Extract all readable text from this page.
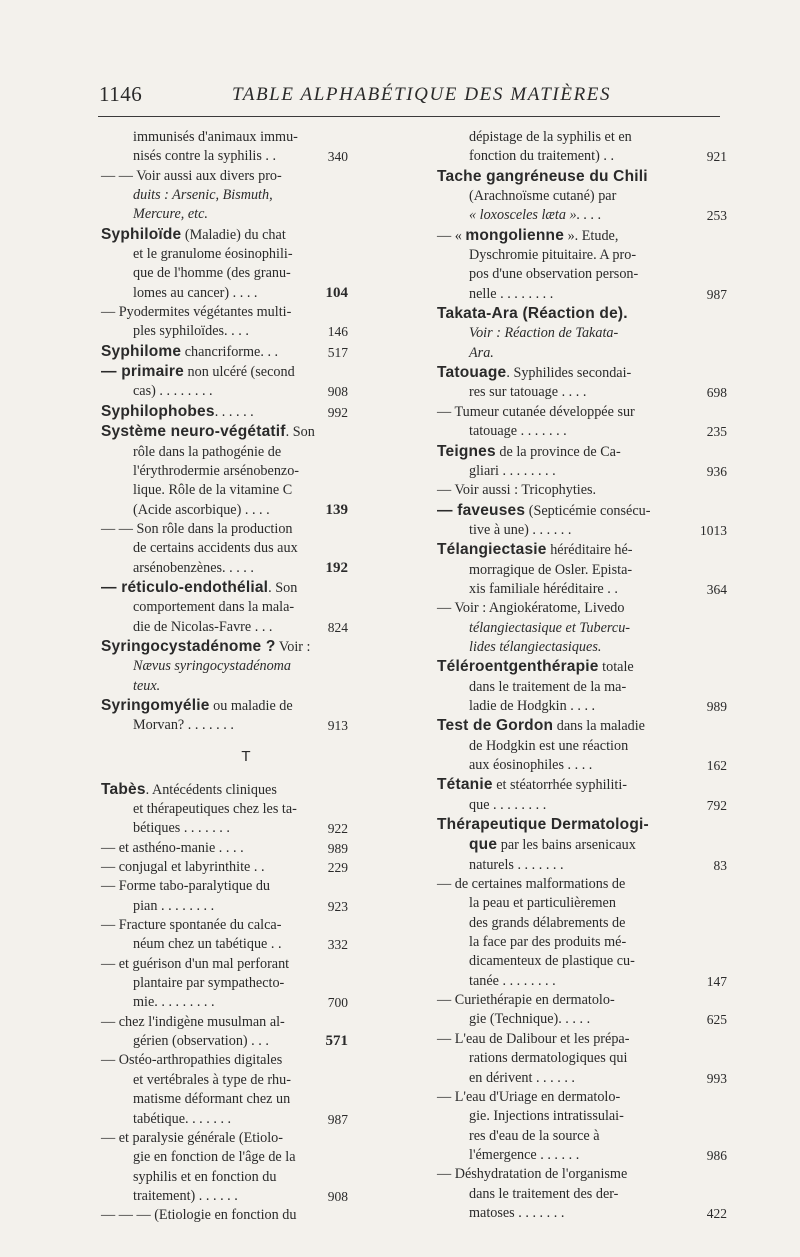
1146	TABLE ALPHABÉTIQUE DES MATIÈRES
immunisés d'animaux immu-
nisés contre la syphilis . .	340
— — Voir aussi aux divers pro-
duits : Arsenic, Bismuth,
Mercure, etc.
Syphiloïde (Maladie) du chat
et le granulome éosinophili-
que de l'homme (des granu-
lomes au cancer) . . . .	104
— Pyodermites végétantes multi-
ples syphiloïdes. . . .	146
Syphilome chancriforme. . .	517
— primaire non ulcéré (second
cas) . . . . . . . .	908
Syphilophobes. . . . . .	992
Système neuro-végétatif. Son
rôle dans la pathogénie de
l'érythrodermie arsénobenzo-
lique. Rôle de la vitamine C
(Acide ascorbique) . . . .	139
— — Son rôle dans la production
de certains accidents dus aux
arsénobenzènes. . . . .	192
— réticulo-endothélial. Son
comportement dans la mala-
die de Nicolas-Favre . . .	824
Syringocystadénome ? Voir :
Nævus syringocystadénoma
teux.
Syringomyélie ou maladie de
Morvan? . . . . . . .	913
T
Tabès. Antécédents cliniques
et thérapeutiques chez les ta-
bétiques . . . . . . .	922
— et asthéno-manie . . . .	989
— conjugal et labyrinthite . .	229
— Forme tabo-paralytique du
pian . . . . . . . .	923
— Fracture spontanée du calca-
néum chez un tabétique . .	332
— et guérison d'un mal perforant
plantaire par sympathecto-
mie. . . . . . . . .	700
— chez l'indigène musulman al-
gérien (observation) . . .	571
— Ostéo-arthropathies digitales
et vertébrales à type de rhu-
matisme déformant chez un
tabétique. . . . . . .	987
— et paralysie générale (Etiolo-
gie en fonction de l'âge de la
syphilis et en fonction du
traitement) . . . . . .	908
— — — (Etiologie en fonction du
dépistage de la syphilis et en
fonction du traitement) . .	921
Tache gangréneuse du Chili
(Arachnoïsme cutané) par
« loxosceles læta ». . . .	253
— « mongolienne ». Etude,
Dyschromie pituitaire. A pro-
pos d'une observation person-
nelle . . . . . . . .	987
Takata-Ara (Réaction de).
Voir : Réaction de Takata-
Ara.
Tatouage. Syphilides secondai-
res sur tatouage . . . .	698
— Tumeur cutanée développée sur
tatouage . . . . . . .	235
Teignes de la province de Ca-
gliari . . . . . . . .	936
— Voir aussi : Tricophyties.
— faveuses (Septicémie consécu-
tive à une) . . . . . .	1013
Télangiectasie héréditaire hé-
morragique de Osler. Epista-
xis familiale héréditaire . .	364
— Voir : Angiokératome, Livedo
télangiectasique et Tubercu-
lides télangiectasiques.
Téléroentgenthérapie totale
dans le traitement de la ma-
ladie de Hodgkin . . . .	989
Test de Gordon dans la maladie
de Hodgkin est une réaction
aux éosinophiles . . . .	162
Tétanie et stéatorrhée syphiliti-
que . . . . . . . .	792
Thérapeutique Dermatologi-
que par les bains arsenicaux
naturels . . . . . . .	83
— de certaines malformations de
la peau et particulièremen
des grands délabrements de
la face par des produits mé-
dicamenteux de plastique cu-
tanée . . . . . . . .	147
— Curiethérapie en dermatolo-
gie (Technique). . . . .	625
— L'eau de Dalibour et les prépa-
rations dermatologiques qui
en dérivent . . . . . .	993
— L'eau d'Uriage en dermatolo-
gie. Injections intratissulai-
res d'eau de la source à
l'émergence . . . . . .	986
— Déshydratation de l'organisme
dans le traitement des der-
matoses . . . . . . .	422
